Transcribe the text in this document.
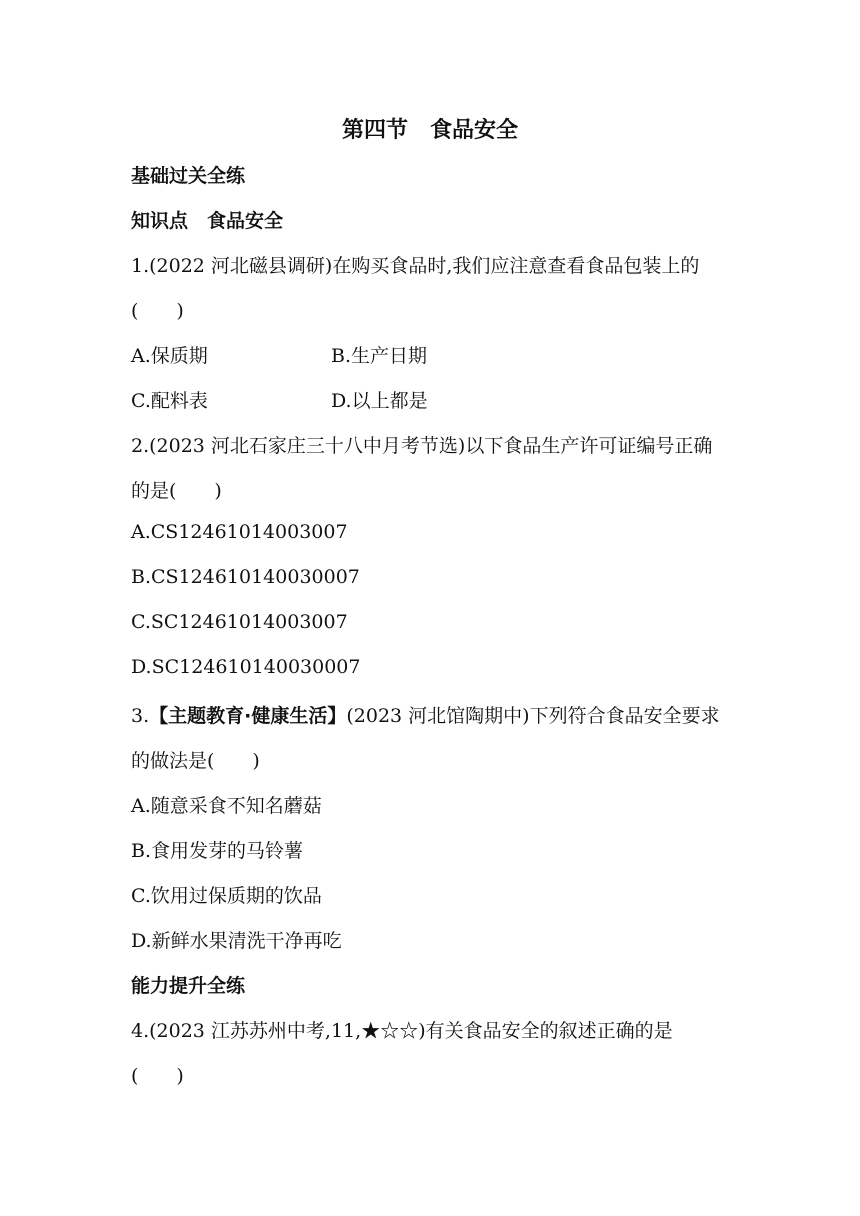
第四节 食品安全
基础过关全练
知识点　食品安全
1.(2022 河北磁县调研)在购买食品时,我们应注意查看食品包装上的
(　　)
A.保质期	B.生产日期
C.配料表	D.以上都是
2.(2023 河北石家庄三十八中月考节选)以下食品生产许可证编号正确
的是(　　)
A.CS12461014003007
B.CS124610140030007
C.SC12461014003007
D.SC124610140030007
3.【主题教育·健康生活】(2023 河北馆陶期中)下列符合食品安全要求
的做法是(　　)
A.随意采食不知名蘑菇
B.食用发芽的马铃薯
C.饮用过保质期的饮品
D.新鲜水果清洗干净再吃
能力提升全练
4.(2023 江苏苏州中考,11,★☆☆)有关食品安全的叙述正确的是
(　　)
